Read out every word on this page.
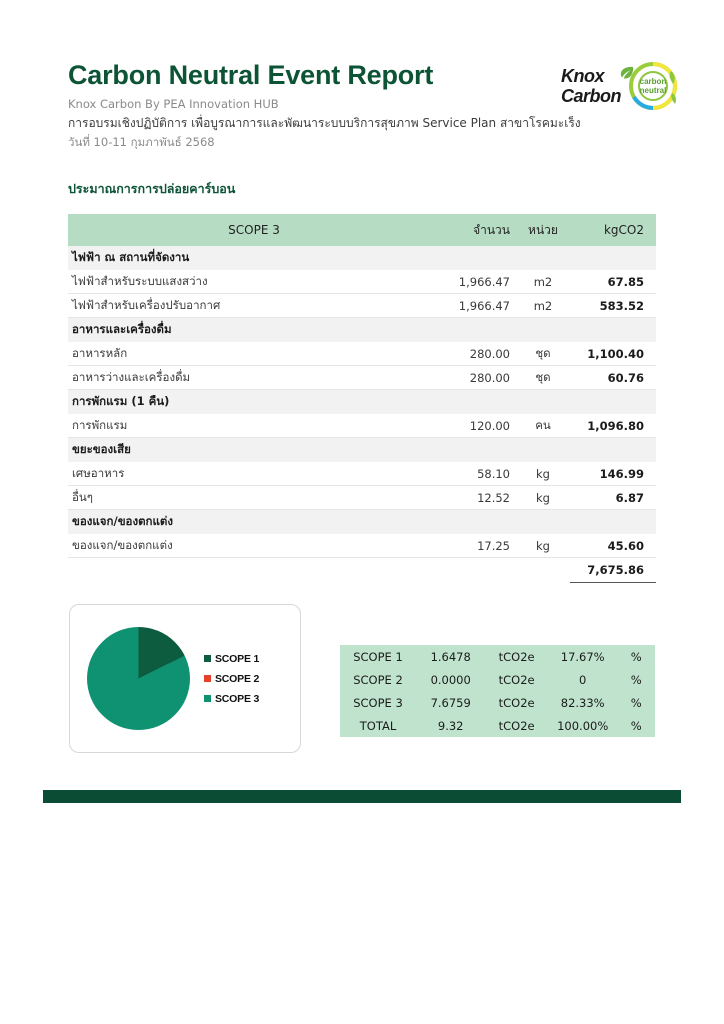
Carbon Neutral Event Report
Knox Carbon By PEA Innovation HUB
การอบรมเชิงปฏิบัติการ เพื่อบูรณาการและพัฒนาระบบบริการสุขภาพ Service Plan สาขาโรคมะเร็ง
วันที่ 10-11 กุมภาพันธ์ 2568
Knox
Carbon
carbon
neutral
ประมาณการการปล่อยคาร์บอน
SCOPE 3	จำนวน	หน่วย	kgCO2
ไฟฟ้า ณ สถานที่จัดงาน			
ไฟฟ้าสำหรับระบบแสงสว่าง	1,966.47	m2	67.85
ไฟฟ้าสำหรับเครื่องปรับอากาศ	1,966.47	m2	583.52
อาหารและเครื่องดื่ม			
อาหารหลัก	280.00	ชุด	1,100.40
อาหารว่างและเครื่องดื่ม	280.00	ชุด	60.76
การพักแรม (1 คืน)			
การพักแรม	120.00	คน	1,096.80
ขยะของเสีย			
เศษอาหาร	58.10	kg	146.99
อื่นๆ	12.52	kg	6.87
ของแจก/ของตกแต่ง			
ของแจก/ของตกแต่ง	17.25	kg	45.60
			7,675.86
SCOPE 1
SCOPE 2
SCOPE 3
SCOPE 1	1.6478	tCO2e	17.67%	%
SCOPE 2	0.0000	tCO2e	0	%
SCOPE 3	7.6759	tCO2e	82.33%	%
TOTAL	9.32	tCO2e	100.00%	%
